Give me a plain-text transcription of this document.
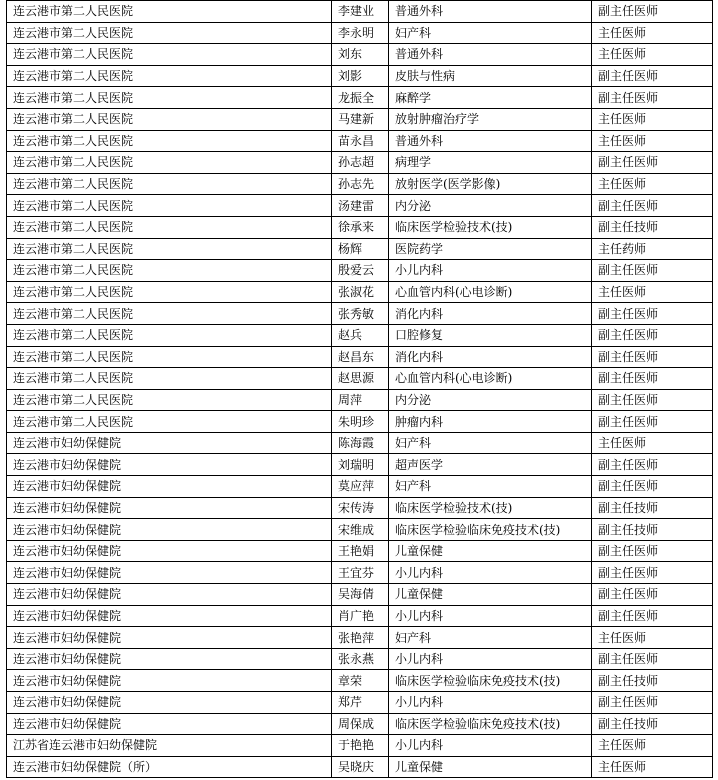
连云港市第二人民医院	李建业	普通外科	副主任医师
连云港市第二人民医院	李永明	妇产科	主任医师
连云港市第二人民医院	刘东	普通外科	主任医师
连云港市第二人民医院	刘影	皮肤与性病	副主任医师
连云港市第二人民医院	龙振全	麻醉学	副主任医师
连云港市第二人民医院	马建新	放射肿瘤治疗学	主任医师
连云港市第二人民医院	苗永昌	普通外科	主任医师
连云港市第二人民医院	孙志超	病理学	副主任医师
连云港市第二人民医院	孙志先	放射医学(医学影像)	主任医师
连云港市第二人民医院	汤建雷	内分泌	副主任医师
连云港市第二人民医院	徐承来	临床医学检验技术(技)	副主任技师
连云港市第二人民医院	杨辉	医院药学	主任药师
连云港市第二人民医院	殷爱云	小儿内科	副主任医师
连云港市第二人民医院	张淑花	心血管内科(心电诊断)	主任医师
连云港市第二人民医院	张秀敏	消化内科	副主任医师
连云港市第二人民医院	赵兵	口腔修复	副主任医师
连云港市第二人民医院	赵昌东	消化内科	副主任医师
连云港市第二人民医院	赵思源	心血管内科(心电诊断)	副主任医师
连云港市第二人民医院	周萍	内分泌	副主任医师
连云港市第二人民医院	朱明珍	肿瘤内科	副主任医师
连云港市妇幼保健院	陈海霞	妇产科	主任医师
连云港市妇幼保健院	刘瑞明	超声医学	副主任医师
连云港市妇幼保健院	莫应萍	妇产科	副主任医师
连云港市妇幼保健院	宋传涛	临床医学检验技术(技)	副主任技师
连云港市妇幼保健院	宋维成	临床医学检验临床免疫技术(技)	副主任技师
连云港市妇幼保健院	王艳娟	儿童保健	副主任医师
连云港市妇幼保健院	王宜芬	小儿内科	副主任医师
连云港市妇幼保健院	吴海倩	儿童保健	副主任医师
连云港市妇幼保健院	肖广艳	小儿内科	副主任医师
连云港市妇幼保健院	张艳萍	妇产科	主任医师
连云港市妇幼保健院	张永燕	小儿内科	副主任医师
连云港市妇幼保健院	章荣	临床医学检验临床免疫技术(技)	副主任技师
连云港市妇幼保健院	郑芹	小儿内科	副主任医师
连云港市妇幼保健院	周保成	临床医学检验临床免疫技术(技)	副主任技师
江苏省连云港市妇幼保健院	于艳艳	小儿内科	主任医师
连云港市妇幼保健院（所）	吴晓庆	儿童保健	主任医师
